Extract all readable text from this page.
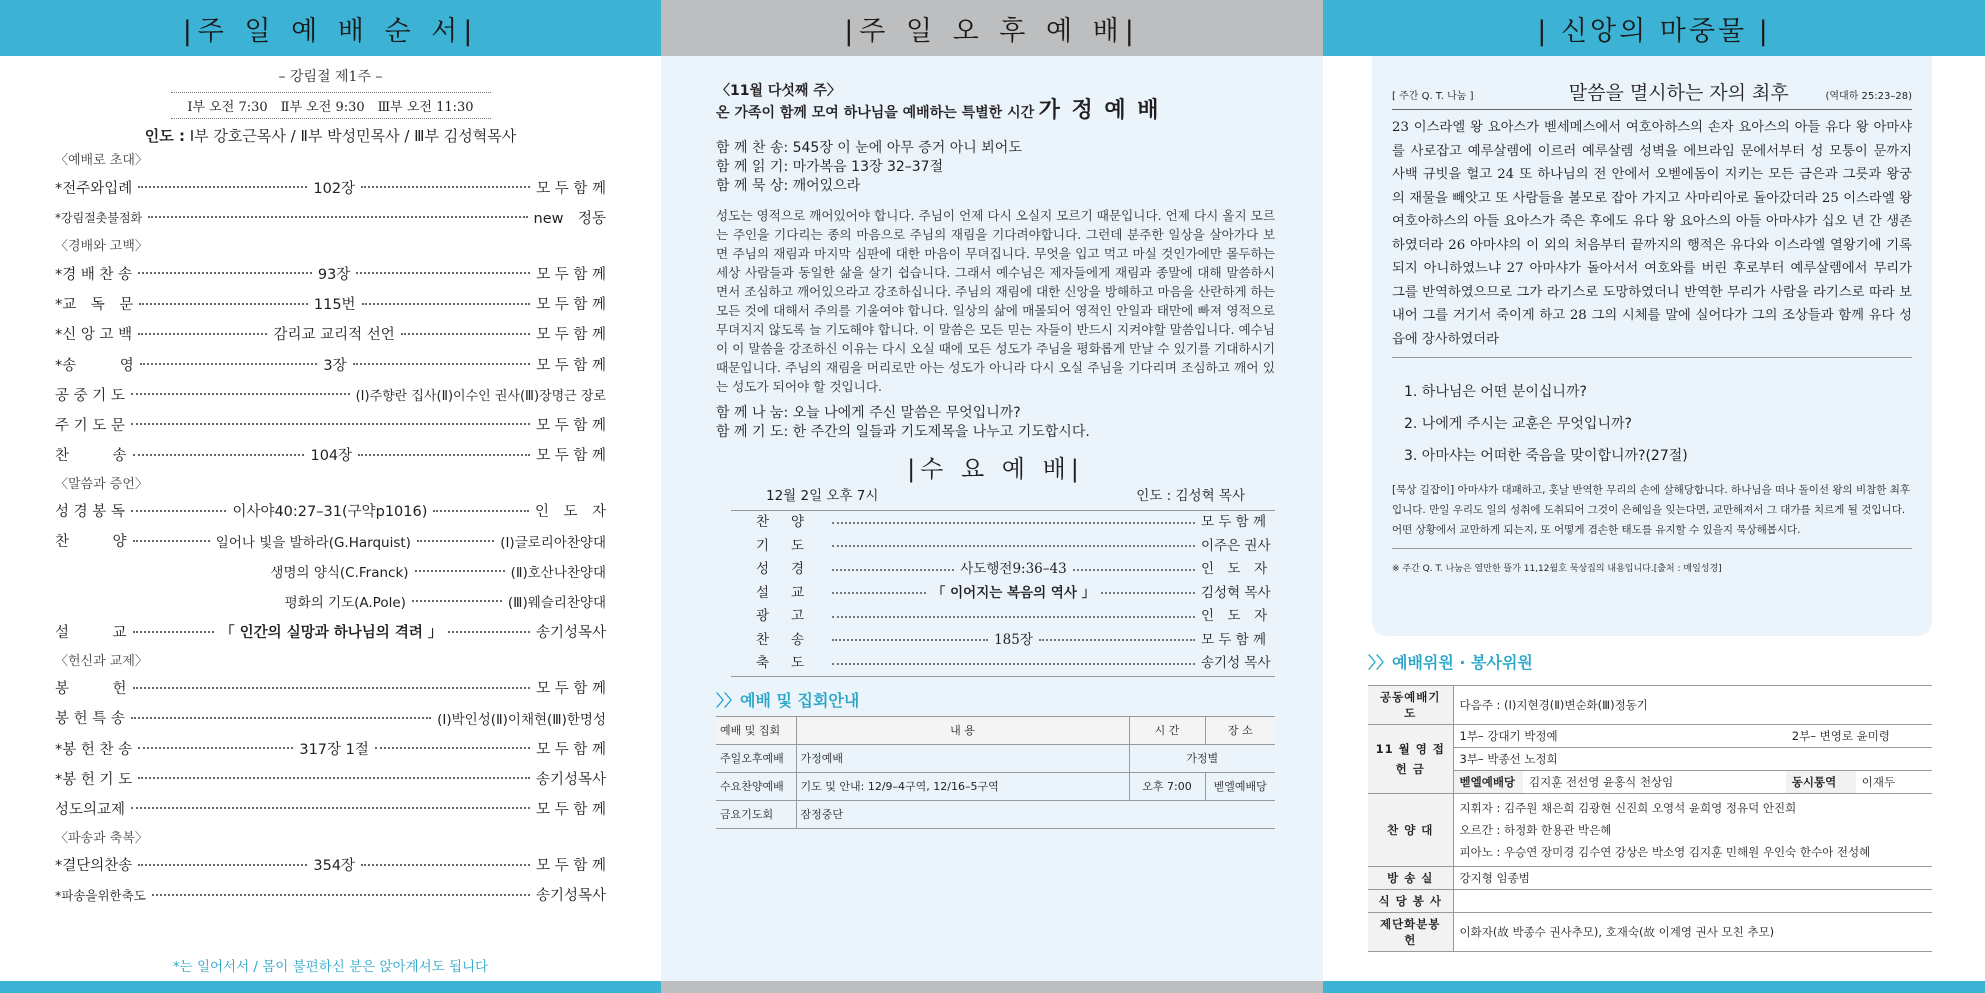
|주 일 예 배 순 서|
– 강림절 제1주 –
Ⅰ부 오전 7:30　Ⅱ부 오전 9:30　Ⅲ부 오전 11:30
인도 : Ⅰ부 강호근목사 / Ⅱ부 박성민목사 / Ⅲ부 김성혁목사
〈예배로 초대〉
*전주와입례	102장	모 두 함 께
*강림절촛불점화	new　정동
〈경배와 고백〉
*경 배 찬 송	93장	모 두 함 께
*교　독　문	115번	모 두 함 께
*신 앙 고 백	감리교 교리적 선언	모 두 함 께
*송　　　영	3장	모 두 함 께
공 중 기 도	(Ⅰ)주향란 집사(Ⅱ)이수인 권사(Ⅲ)장명근 장로
주 기 도 문	모 두 함 께
찬　　　송	104장	모 두 함 께
〈말씀과 증언〉
성 경 봉 독	이사야40:27–31(구약p1016)	인　도　자
찬　　　양	일어나 빛을 발하라(G.Harquist)	(Ⅰ)글로리아찬양대
생명의 양식(C.Franck)	(Ⅱ)호산나찬양대
평화의 기도(A.Pole)	(Ⅲ)웨슬리찬양대
설　　　교	「 인간의 실망과 하나님의 격려 」	송기성목사
〈헌신과 교제〉
봉　　　헌	모 두 함 께
봉 헌 특 송	(Ⅰ)박인성(Ⅱ)이채현(Ⅲ)한명성
*봉 헌 찬 송	317장 1절	모 두 함 께
*봉 헌 기 도	송기성목사
성도의교제	모 두 함 께
〈파송과 축복〉
*결단의찬송	354장	모 두 함 께
*파송을위한축도	송기성목사
*는 일어서서 / 몸이 불편하신 분은 앉아계셔도 됩니다
|주 일 오 후 예 배|
〈11월 다섯째 주〉
온 가족이 함께 모여 하나님을 예배하는 특별한 시간 가 정 예 배
함 께 찬 송: 545장 이 눈에 아무 증거 아니 뵈어도
함 께 읽 기: 마가복음 13장 32–37절
함 께 묵 상: 깨어있으라
성도는 영적으로 깨어있어야 합니다. 주님이 언제 다시 오실지 모르기 때문입니다. 언제 다시 올지 모르는 주인을 기다리는 종의 마음으로 주님의 재림을 기다려야합니다. 그런데 분주한 일상을 살아가다 보면 주님의 재림과 마지막 심판에 대한 마음이 무뎌집니다. 무엇을 입고 먹고 마실 것인가에만 몰두하는 세상 사람들과 동일한 삶을 살기 쉽습니다. 그래서 예수님은 제자들에게 재림과 종말에 대해 말씀하시면서 조심하고 깨어있으라고 강조하십니다. 주님의 재림에 대한 신앙을 방해하고 마음을 산란하게 하는 모든 것에 대해서 주의를 기울여야 합니다. 일상의 삶에 매몰되어 영적인 안일과 태만에 빠져 영적으로 무뎌지지 않도록 늘 기도해야 합니다. 이 말씀은 모든 믿는 자들이 반드시 지켜야할 말씀입니다. 예수님이 이 말씀을 강조하신 이유는 다시 오실 때에 모든 성도가 주님을 평화롭게 만날 수 있기를 기대하시기 때문입니다. 주님의 재림을 머리로만 아는 성도가 아니라 다시 오실 주님을 기다리며 조심하고 깨어 있는 성도가 되어야 할 것입니다.
함 께 나 눔: 오늘 나에게 주신 말씀은 무엇입니까?
함 께 기 도: 한 주간의 일들과 기도제목을 나누고 기도합시다.
|수 요 예 배|
12월 2일 오후 7시	인도 : 김성혁 목사
찬양	모 두 함 께
기도	이주은 권사
성경	사도행전9:36–43	인　도　자
설교	「 이어지는 복음의 역사 」	김성혁 목사
광고	인　도　자
찬송	185장	모 두 함 께
축도	송기성 목사
〉〉예배 및 집회안내
예배 및 집회	내 용	시 간	장 소
주일오후예배	가정예배	가정별	
수요찬양예배	기도 및 안내: 12/9–4구역, 12/16–5구역	오후 7:00	벧엘예배당
금요기도회	잠정중단		
| 신앙의 마중물 |
[ 주간 Q. T. 나눔 ]	말씀을 멸시하는 자의 최후	(역대하 25:23–28)
23 이스라엘 왕 요아스가 벧세메스에서 여호아하스의 손자 요아스의 아들 유다 왕 아마샤를 사로잡고 예루살렘에 이르러 예루살렘 성벽을 에브라임 문에서부터 성 모퉁이 문까지 사백 규빗을 헐고 24 또 하나님의 전 안에서 오벧에돔이 지키는 모든 금은과 그릇과 왕궁의 재물을 빼앗고 또 사람들을 볼모로 잡아 가지고 사마리아로 돌아갔더라 25 이스라엘 왕 여호아하스의 아들 요아스가 죽은 후에도 유다 왕 요아스의 아들 아마샤가 십오 년 간 생존하였더라 26 아마샤의 이 외의 처음부터 끝까지의 행적은 유다와 이스라엘 열왕기에 기록되지 아니하였느냐 27 아마샤가 돌아서서 여호와를 버린 후로부터 예루살렘에서 무리가 그를 반역하였으므로 그가 라기스로 도망하였더니 반역한 무리가 사람을 라기스로 따라 보내어 그를 거기서 죽이게 하고 28 그의 시체를 말에 실어다가 그의 조상들과 함께 유다 성읍에 장사하였더라
1. 하나님은 어떤 분이십니까?
2. 나에게 주시는 교훈은 무엇입니까?
3. 아마샤는 어떠한 죽음을 맞이합니까?(27절)
[묵상 길잡이] 아마샤가 대패하고, 훗날 반역한 무리의 손에 살해당합니다. 하나님을 떠나 돌이선 왕의 비참한 최후입니다. 만일 우리도 일의 성취에 도취되어 그것이 은혜임을 잊는다면, 교만해져서 그 대가를 치르게 될 것입니다. 어떤 상황에서 교만하게 되는지, 또 어떻게 겸손한 태도를 유지할 수 있을지 묵상해봅시다.
※ 주간 Q. T. 나눔은 열만한 뜰가 11,12월호 묵상집의 내용입니다.[출처 : 매일성경]
〉〉예배위원 · 봉사위원
공동예배기도	다음주 : (Ⅰ)지현경(Ⅱ)변순화(Ⅲ)정동기			
11 월 영 접 헌 금	1부– 강대기 박정예		2부– 변영로 윤미령	
	3부– 박종선 노정희			
	벧엘예배당	김지훈 전선영 윤홍식 천상임	동시통역	이재두
찬 양 대	지휘자 : 김주원 채은희 김광현 신진희 오영석 윤희영 정유덕 안진희
오르간 : 하정화 한용관 박은혜
피아노 : 우승연 장미경 김수연 강상은 박소영 김지훈 민해원 우인숙 한수아 전성혜			

방 송 실	강지형 임종범			
식 당 봉 사				
제단화분봉헌	이화자(故 박종수 권사추모), 호재숙(故 이계영 권사 모친 추모)			
